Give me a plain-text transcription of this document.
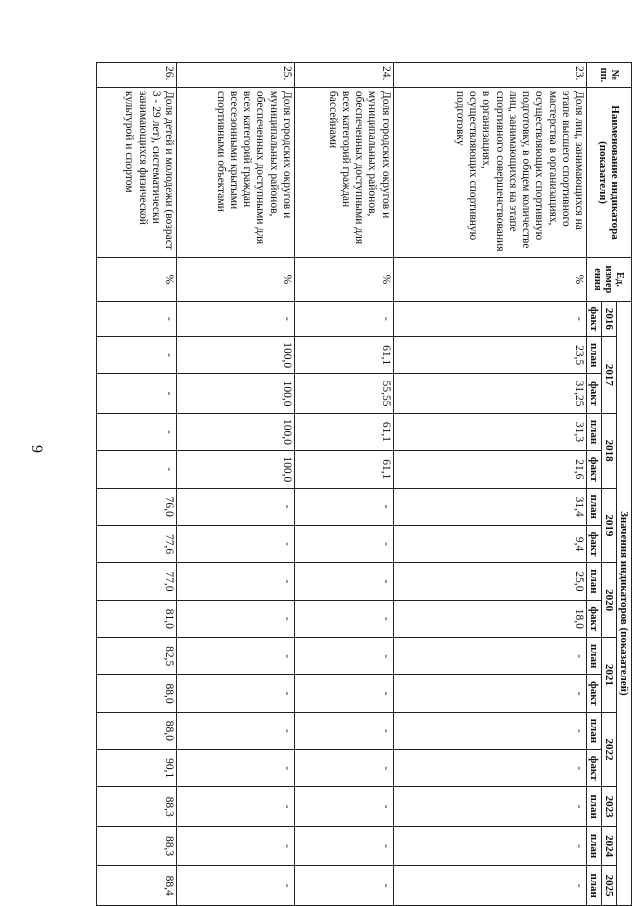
9
№ пп.	Наименование индикатора (показателя)	Ед. измер ения	Значения индикаторов (показателей)															
			2016	2017		2018		2019		2020		2021		2022		2023	2024	2025
			факт	план	факт	план	факт	план	факт	план	факт	план	факт	план	факт	план	план	план
23.	Доля лиц, занимающихся на этапе высшего спортивного мастерства в организациях, осуществляющих спортивную подготовку, в общем количестве лиц, занимающихся на этапе спортивного совершенствования в организациях, осуществляющих спортивную подготовку	%	-	23,5	31,25	31,3	21,6	31,4	9,4	25,0	18,0	-	-	-	-	-	-	-
24.	Доля городских округов и муниципальных районов, обеспеченных доступными для всех категорий граждан бассейнами	%	-	61,1	55,55	61,1	61,1	-	-	-	-	-	-	-	-	-	-	-
25.	Доля городских округов и муниципальных районов, обеспеченных доступными для всех категорий граждан всесезонными крытыми спортивными объектами	%	-	100,0	100,0	100,0	100,0	-	-	-	-	-	-	-	-	-	-	-
26.	Доля детей и молодежи (возраст 3 - 29 лет), систематически занимающихся физической культурой и спортом	%	-	-	-	-	-	76,0	77,6	77,0	81,0	82,5	88,0	88,0	90,1	88,3	88,3	88,4
